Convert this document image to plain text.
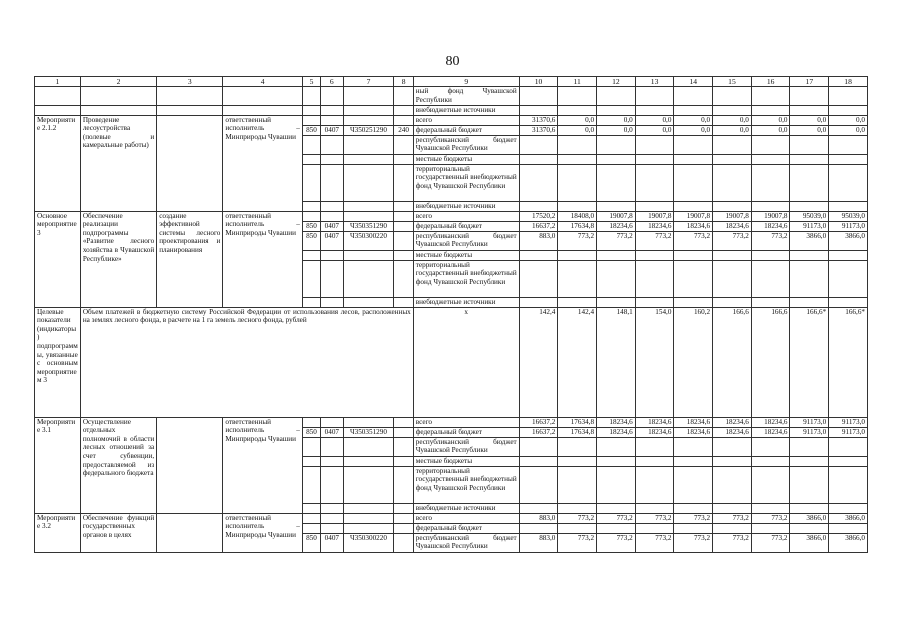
80
1	2	3	4	5	6	7	8	9	10	11	12	13	14	15	16	17	18
								ный фонд Чувашской Республики									
								внебюджетные источники									
Мероприятие 2.1.2	Проведение лесоустройства (полевые и камеральные работы)		ответственный исполнитель – Минприроды Чувашии					всего	31370,6	0,0	0,0	0,0	0,0	0,0	0,0	0,0	0,0
				850	0407	Ч350251290	240	федеральный бюджет	31370,6	0,0	0,0	0,0	0,0	0,0	0,0	0,0	0,0
								республиканский бюджет Чувашской Республики									
								местные бюджеты									
								территориальный государственный внебюджетный фонд Чувашской Республики									
								внебюджетные источники									
Основное мероприятие 3	Обеспечение реализации подпрограммы «Развитие лесного хозяйства в Чувашской Республике»	создание эффективной системы лесного проектирования и планирования	ответственный исполнитель – Минприроды Чувашии					всего	17520,2	18408,0	19007,8	19007,8	19007,8	19007,8	19007,8	95039,0	95039,0
				850	0407	Ч350351290		федеральный бюджет	16637,2	17634,8	18234,6	18234,6	18234,6	18234,6	18234,6	91173,0	91173,0
				850	0407	Ч350300220		республиканский бюджет Чувашской Республики	883,0	773,2	773,2	773,2	773,2	773,2	773,2	3866,0	3866,0
								местные бюджеты									
								территориальный государственный внебюджетный фонд Чувашской Республики									
								внебюджетные источники									
Целевые показатели (индикаторы) подпрограммы, увязанные с основным мероприятием 3	Объем платежей в бюджетную систему Российской Федерации от использования лесов, расположенных на землях лесного фонда, в расчете на 1 га земель лесного фонда, рублей							х	142,4	142,4	148,1	154,0	160,2	166,6	166,6	166,6*	166,6*
Мероприятие 3.1	Осуществление отдельных полномочий в области лесных отношений за счет субвенции, предоставляемой из федерального бюджета		ответственный исполнитель – Минприроды Чувашии					всего	16637,2	17634,8	18234,6	18234,6	18234,6	18234,6	18234,6	91173,0	91173,0
				850	0407	Ч350351290		федеральный бюджет	16637,2	17634,8	18234,6	18234,6	18234,6	18234,6	18234,6	91173,0	91173,0
								республиканский бюджет Чувашской Республики									
								местные бюджеты									
								территориальный государственный внебюджетный фонд Чувашской Республики									
								внебюджетные источники									
Мероприятие 3.2	Обеспечение функций государственных органов в целях		ответственный исполнитель – Минприроды Чувашии					всего	883,0	773,2	773,2	773,2	773,2	773,2	773,2	3866,0	3866,0
								федеральный бюджет									
				850	0407	Ч350300220		республиканский бюджет Чувашской Республики	883,0	773,2	773,2	773,2	773,2	773,2	773,2	3866,0	3866,0
